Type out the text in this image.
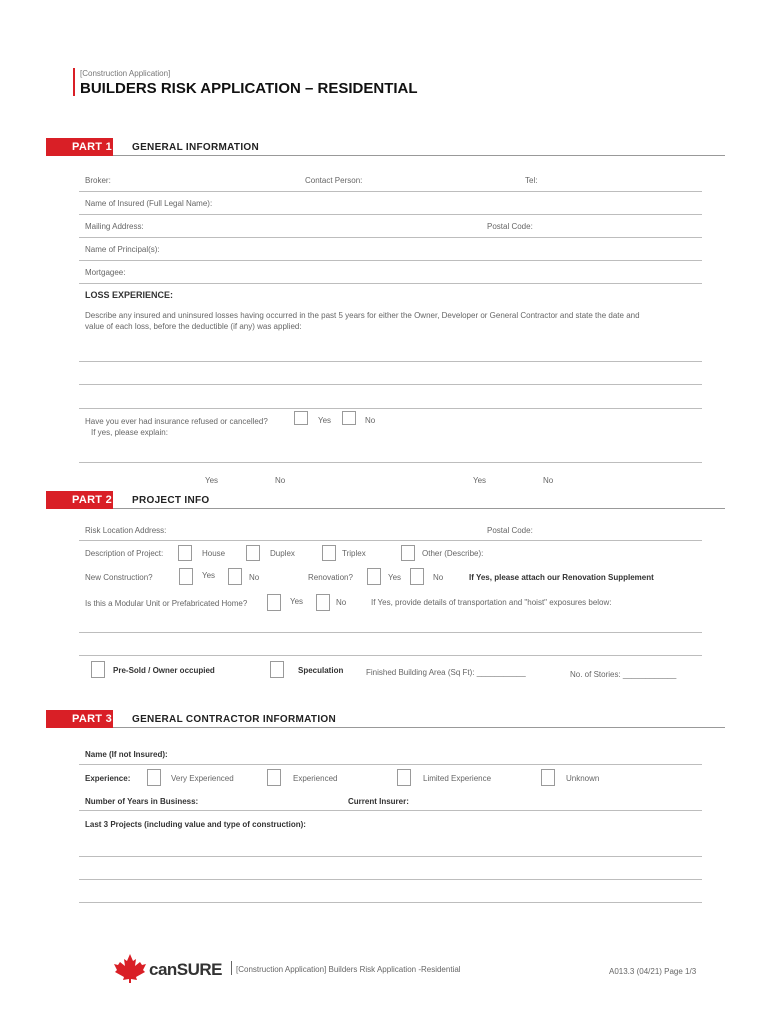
[Construction Application]
BUILDERS RISK APPLICATION – RESIDENTIAL
PART 1 GENERAL INFORMATION
Broker:	Contact Person:	Tel:
Name of Insured (Full Legal Name):
Mailing Address:	Postal Code:
Name of Principal(s):
Mortgagee:
LOSS EXPERIENCE:
Describe any insured and uninsured losses having occurred in the past 5 years for either the Owner, Developer or General Contractor and state the date and
value of each loss, before the deductible (if any) was applied:
Have you ever had insurance refused or cancelled?
If yes, please explain:
Yes	No
Yes	No	Yes	No
PART 2 PROJECT INFO
Risk Location Address:	Postal Code:
Description of Project:	House	Duplex	Triplex	Other (Describe):
New Construction?	Yes	No	Renovation?	Yes	No	If Yes, please attach our Renovation Supplement
Is this a Modular Unit or Prefabricated Home?	Yes	No	If Yes, provide details of transportation and "hoist" exposures below:
Pre-Sold / Owner occupied	Speculation	Finished Building Area (Sq Ft): ___________	No. of Stories: ____________
PART 3 GENERAL CONTRACTOR INFORMATION
Name (If not Insured):
Experience:	Very Experienced	Experienced	Limited Experience	Unknown
Number of Years in Business:	Current Insurer:
Last 3 Projects (including value and type of construction):
canSURE [Construction Application] Builders Risk Application -Residential	A013.3 (04/21) Page 1/3
